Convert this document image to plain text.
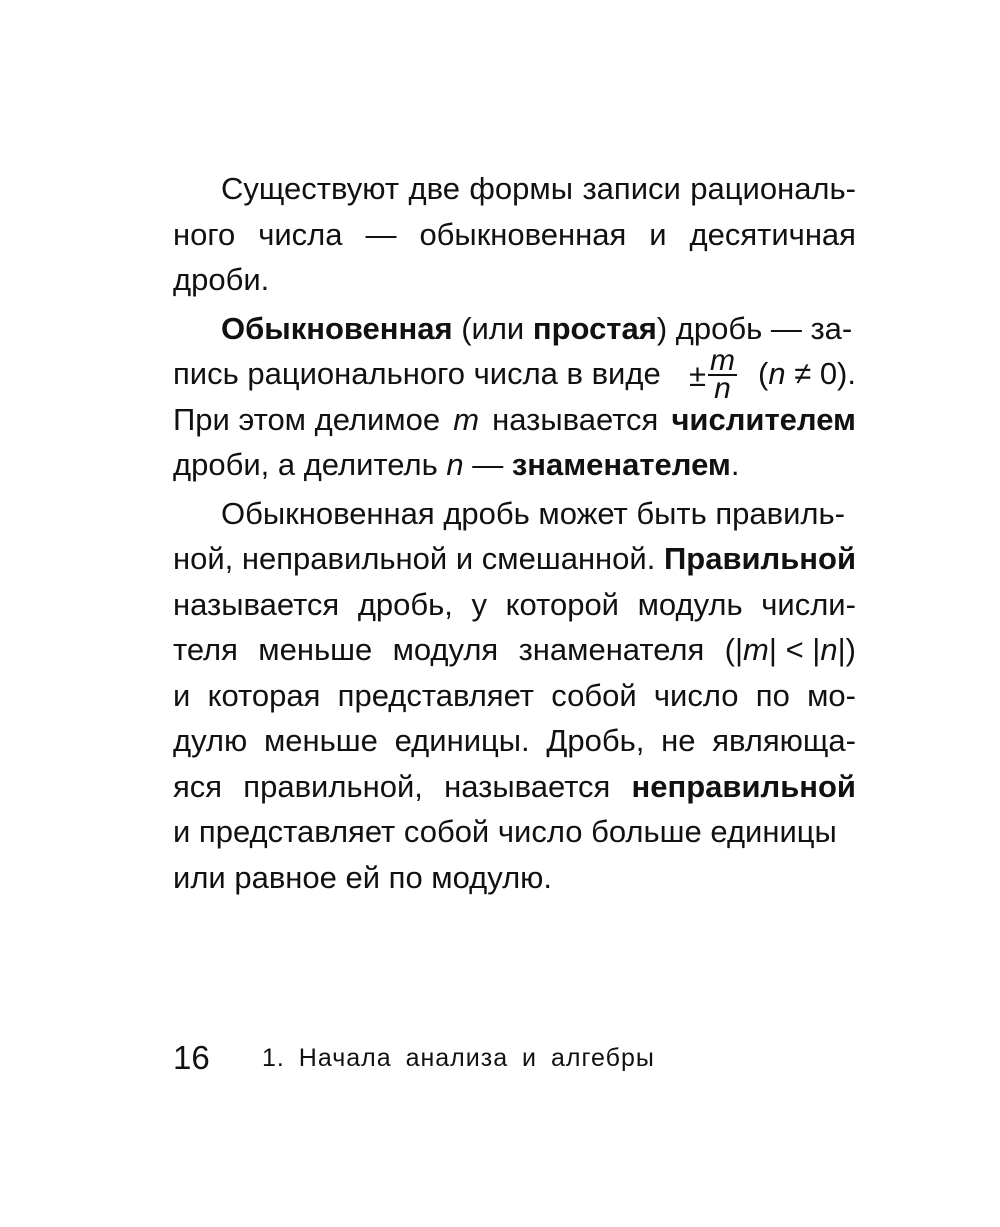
Существуют две формы записи рациональ-
ного числа — обыкновенная и десятичная
дроби.
Обыкновенная (или простая) дробь — за-
пись рационального числа в виде ± $\frac{m}{n} (n \ne 0)$.
При этом делимое m называется числителем
дроби, а делитель n — знаменателем.
Обыкновенная дробь может быть правиль-
ной, неправильной и смешанной. Правильной
называется дробь, у которой модуль числи-
теля меньше модуля знаменателя (|m| < |n|)
и которая представляет собой число по мо-
дулю меньше единицы. Дробь, не являюща-
яся правильной, называется неправильной
и представляет собой число больше единицы
или равное ей по модулю.
16 1. Начала анализа и алгебры
